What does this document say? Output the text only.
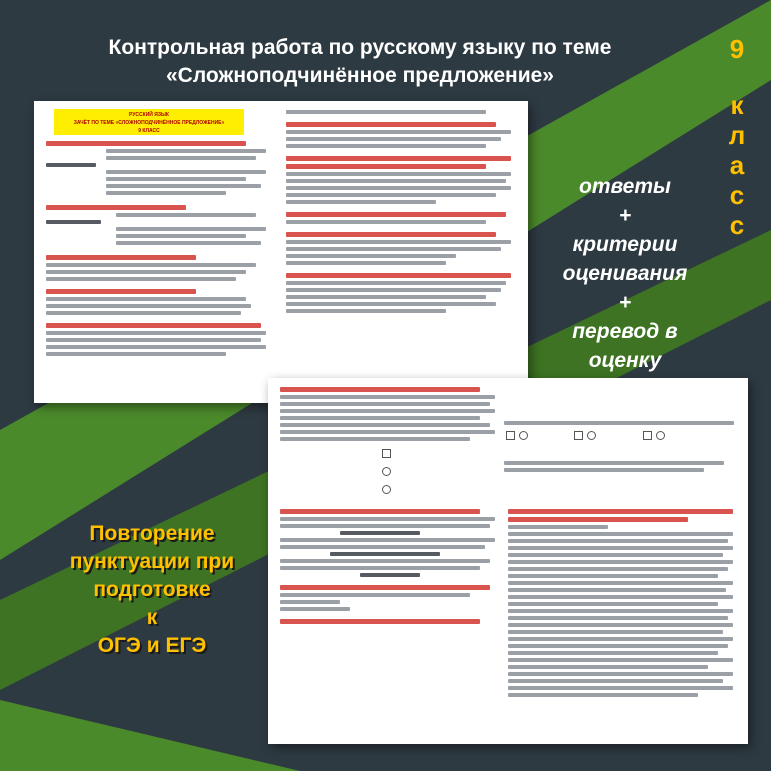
Контрольная работа по русскому языку по теме
«Сложноподчинённое предложение»
9
к
л
а
с
с
ответы
+
критерии
оценивания
+
перевод в
оценку
Повторение
пунктуации при
подготовке
к
ОГЭ и ЕГЭ
РУССКИЙ ЯЗЫК
ЗАЧЁТ ПО ТЕМЕ «СЛОЖНОПОДЧИНЁННОЕ ПРЕДЛОЖЕНИЕ»
9 КЛАСС
